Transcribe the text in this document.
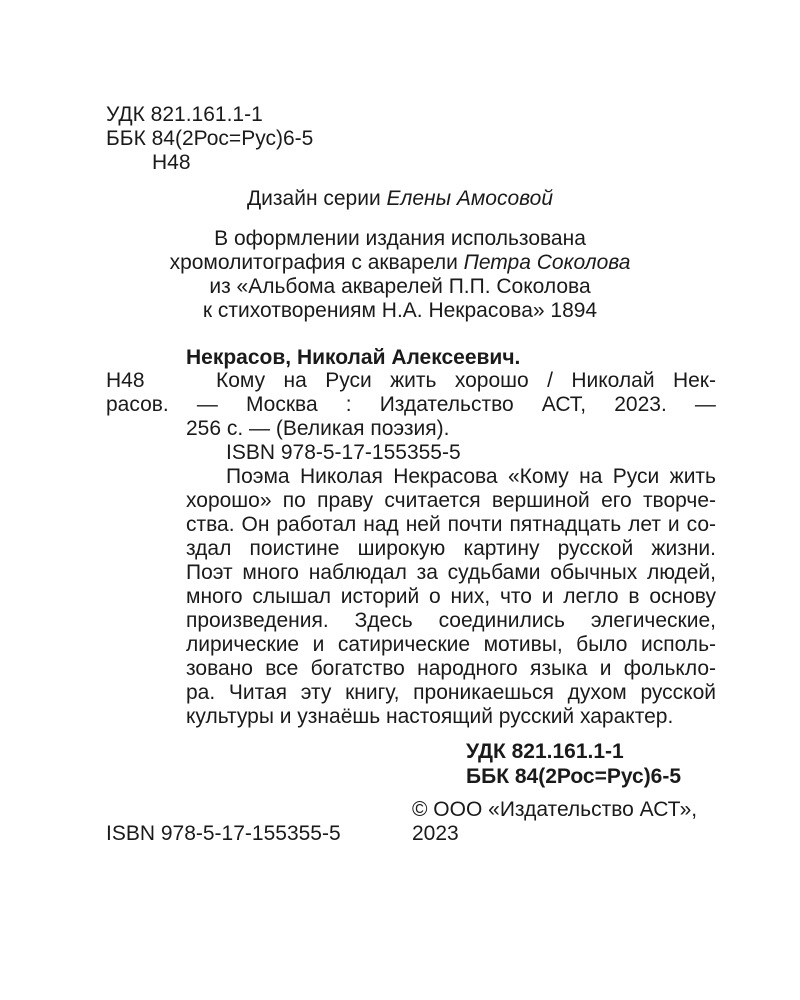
УДК 821.161.1-1
ББК 84(2Рос=Рус)6-5
Н48
Дизайн серии Елены Амосовой
В оформлении издания использована
хромолитография с акварели Петра Соколова
из «Альбома акварелей П.П. Соколова
к стихотворениям Н.А. Некрасова» 1894
Некрасов, Николай Алексеевич.
Н48	Кому на Руси жить хорошо / Николай Нек-
расов. — Москва : Издательство АСТ, 2023. —
256 с. — (Великая поэзия).
ISBN 978-5-17-155355-5
Поэма Николая Некрасова «Кому на Руси жить
хорошо» по праву считается вершиной его творче-
ства. Он работал над ней почти пятнадцать лет и со-
здал поистине широкую картину русской жизни.
Поэт много наблюдал за судьбами обычных людей,
много слышал историй о них, что и легло в основу
произведения. Здесь соединились элегические,
лирические и сатирические мотивы, было исполь-
зовано все богатство народного языка и фолькло-
ра. Читая эту книгу, проникаешься духом русской
культуры и узнаёшь настоящий русский характер.
УДК 821.161.1-1
ББК 84(2Рос=Рус)6-5
© ООО «Издательство АСТ»,
2023
ISBN 978-5-17-155355-5
